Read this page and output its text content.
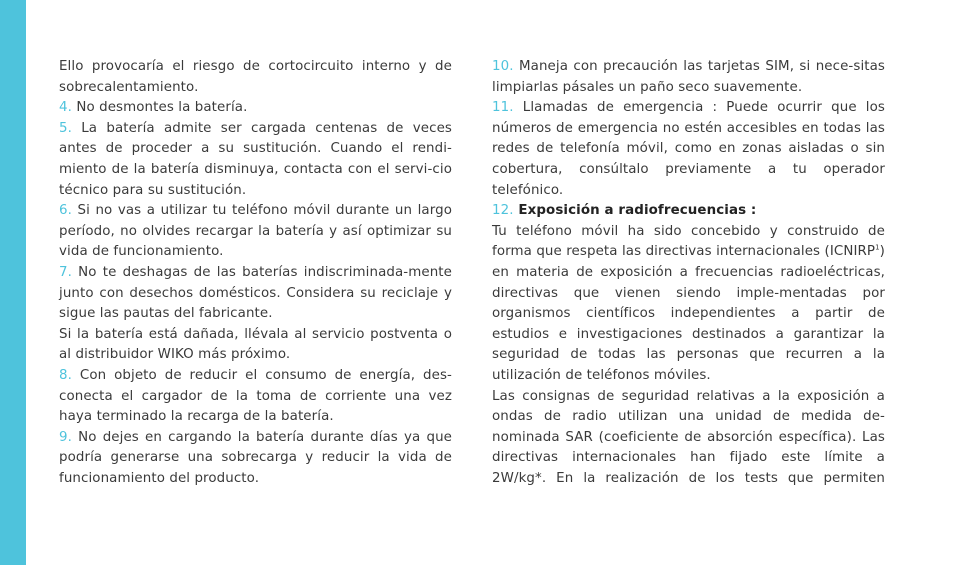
Ello provocaría el riesgo de cortocircuito interno y de sobrecalentamiento.

4. No desmontes la batería.

5. La batería admite ser cargada centenas de veces antes de proceder a su sustitución. Cuando el rendi-miento de la batería disminuya, contacta con el servi-cio técnico para su sustitución.

6. Si no vas a utilizar tu teléfono móvil durante un largo período, no olvides recargar la batería y así optimizar su vida de funcionamiento.

7. No te deshagas de las baterías indiscriminada-mente junto con desechos domésticos. Considera su reciclaje y sigue las pautas del fabricante.

Si la batería está dañada, llévala al servicio postventa o al distribuidor WIKO más próximo.

8. Con objeto de reducir el consumo de energía, des-conecta el cargador de la toma de corriente una vez haya terminado la recarga de la batería.

9. No dejes en cargando la batería durante días ya que podría generarse una sobrecarga y reducir la vida de funcionamiento del producto.

10. Maneja con precaución las tarjetas SIM, si nece-sitas limpiarlas pásales un paño seco suavemente.

11. Llamadas de emergencia : Puede ocurrir que los números de emergencia no estén accesibles en todas las redes de telefonía móvil, como en zonas aisladas o sin cobertura, consúltalo previamente a tu operador telefónico.

12. Exposición a radiofrecuencias :

Tu teléfono móvil ha sido concebido y construido de forma que respeta las directivas internacionales (ICNIRP$^1$) en materia de exposición a frecuencias radioeléctricas, directivas que vienen siendo imple-mentadas por organismos científicos independientes a partir de estudios e investigaciones destinados a garantizar la seguridad de todas las personas que recurren a la utilización de teléfonos móviles.

Las consignas de seguridad relativas a la exposición a ondas de radio utilizan una unidad de medida de-nominada SAR (coeficiente de absorción específica). Las directivas internacionales han fijado este límite a 2W/kg*. En la realización de los tests que permiten
